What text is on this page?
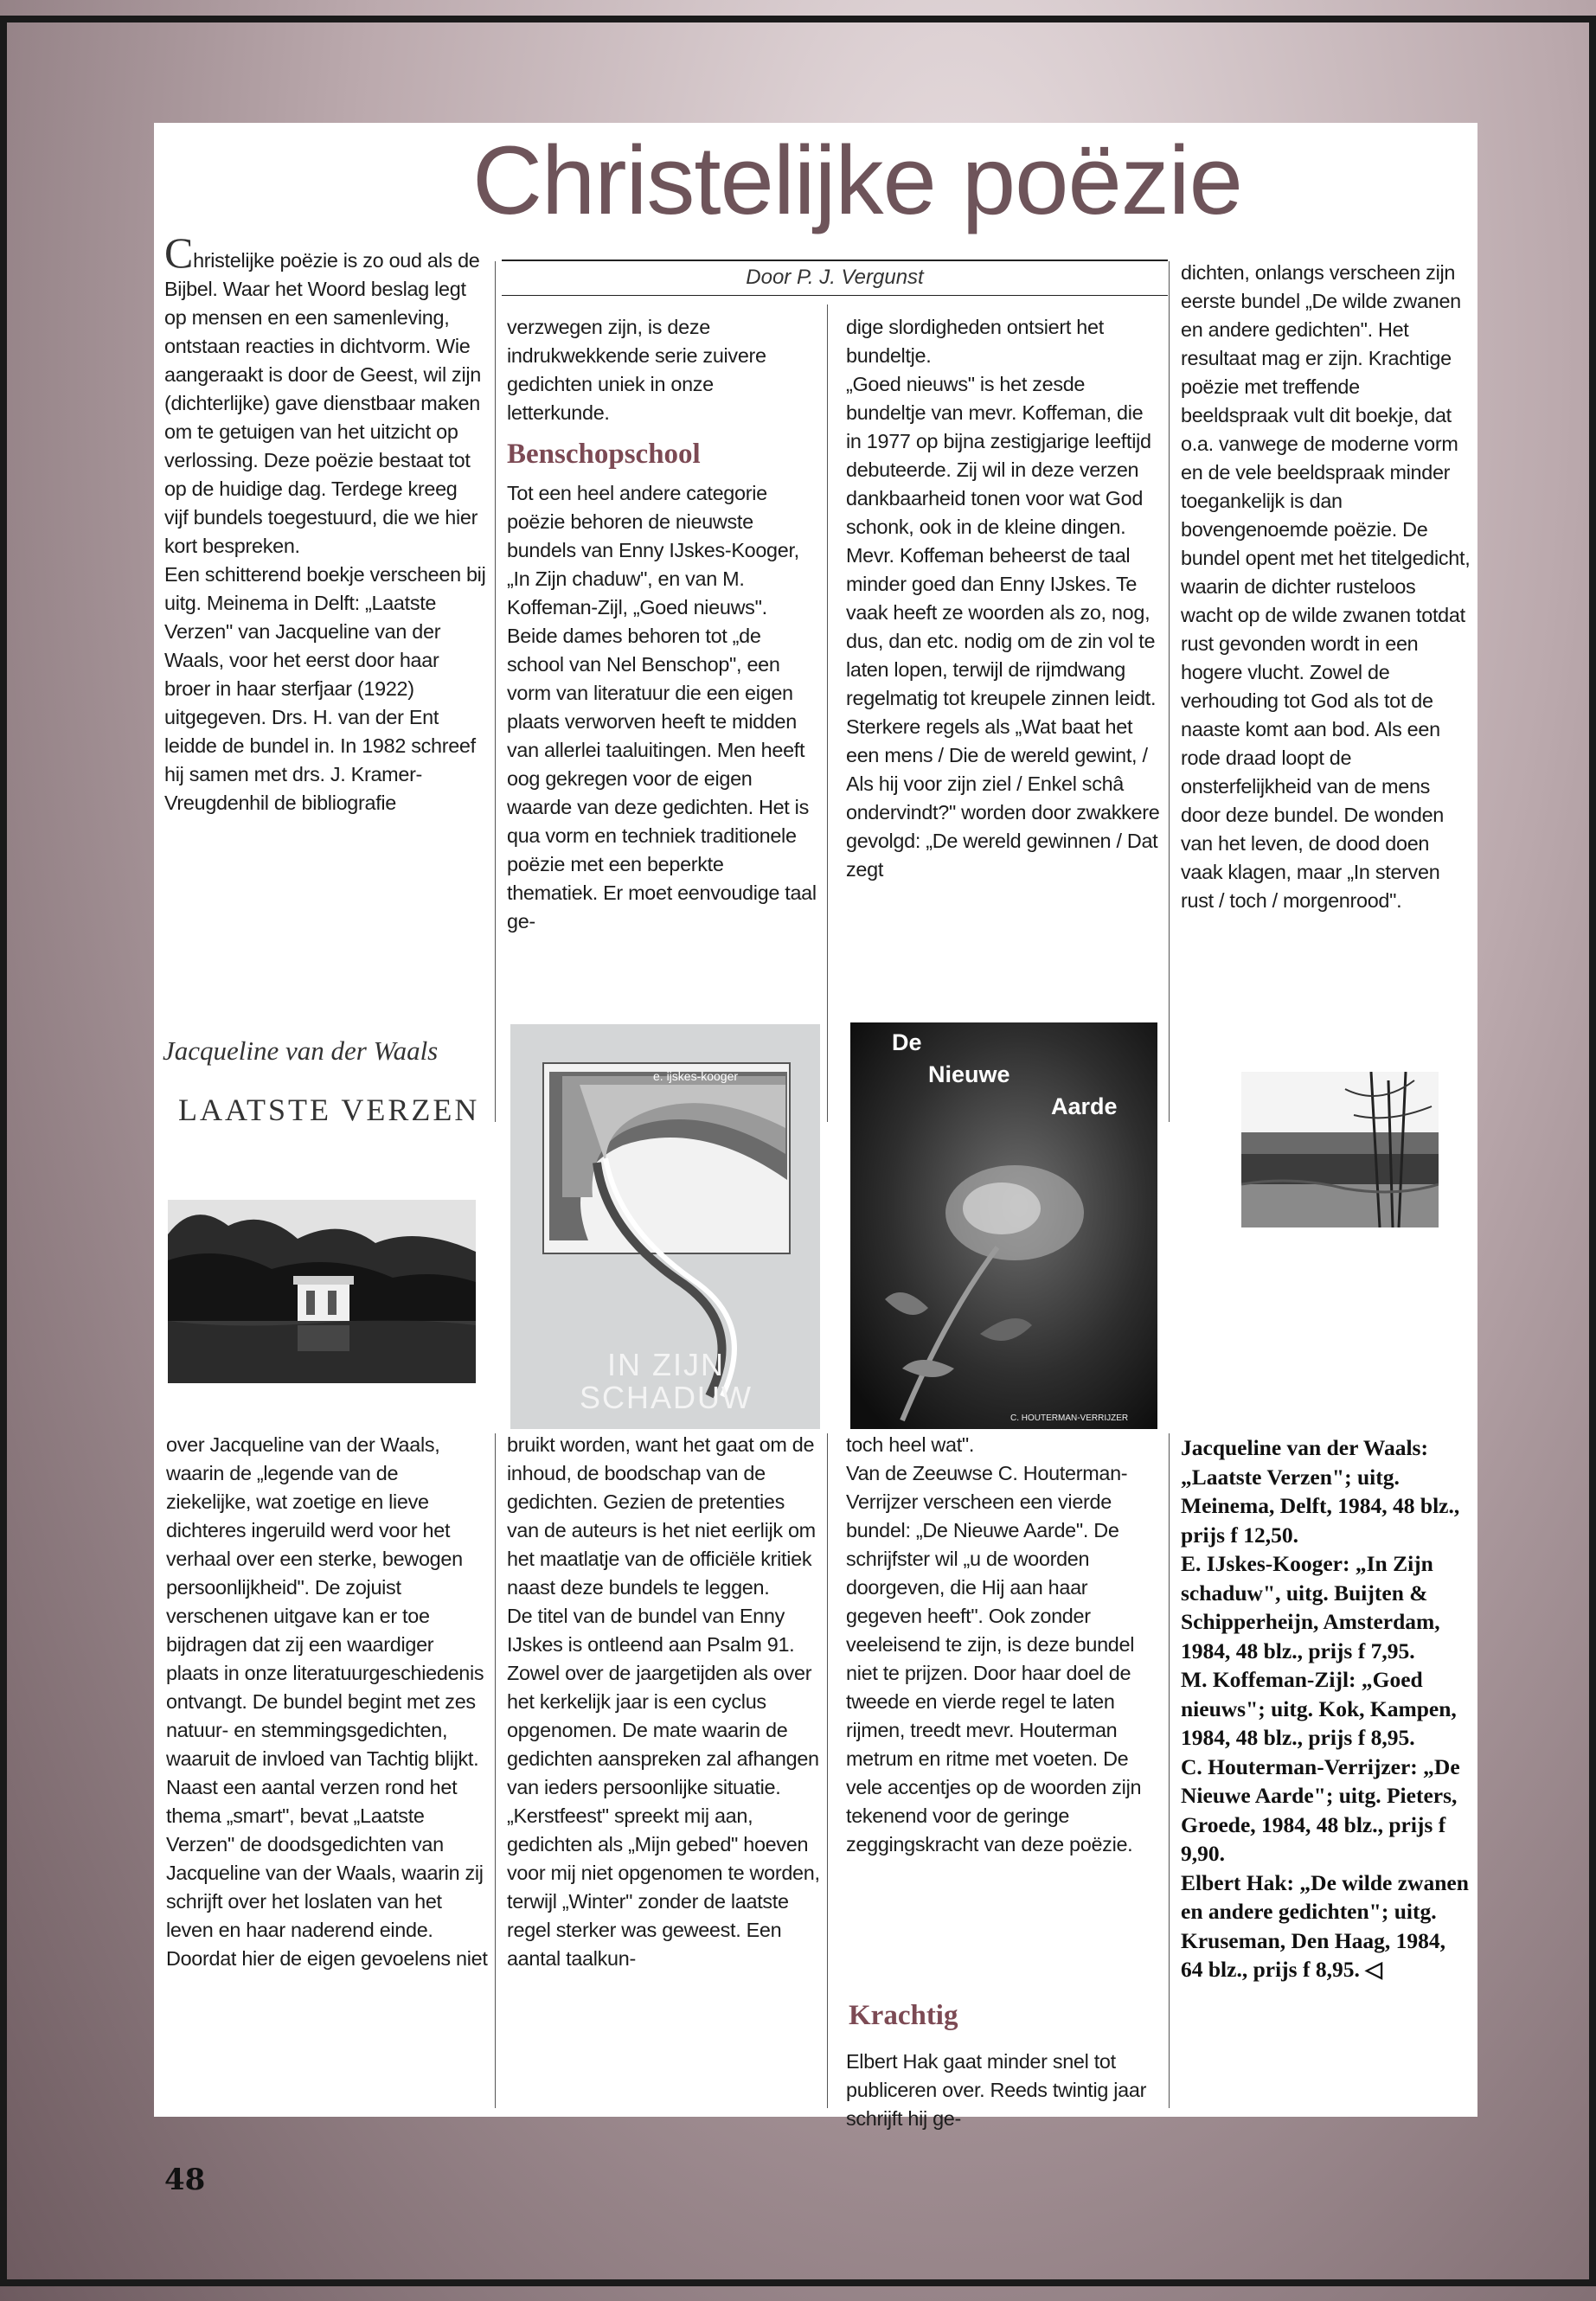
Christelijke poëzie
Door P. J. Vergunst
Christelijke poëzie is zo oud als de Bijbel. Waar het Woord beslag legt op mensen en een samenleving, ontstaan reacties in dichtvorm. Wie aangeraakt is door de Geest, wil zijn (dichterlijke) gave dienstbaar maken om te getuigen van het uitzicht op verlossing. Deze poëzie bestaat tot op de huidige dag. Terdege kreeg vijf bundels toegestuurd, die we hier kort bespreken.
Een schitterend boekje verscheen bij uitg. Meinema in Delft: „Laatste Verzen" van Jacqueline van der Waals, voor het eerst door haar broer in haar sterfjaar (1922) uitgegeven. Drs. H. van der Ent leidde de bundel in. In 1982 schreef hij samen met drs. J. Kramer-Vreugdenhil de bibliografie
verzwegen zijn, is deze indrukwekkende serie zuivere gedichten uniek in onze letterkunde.
Benschopschool
Tot een heel andere categorie poëzie behoren de nieuwste bundels van Enny IJskes-Kooger, „In Zijn chaduw", en van M. Koffeman-Zijl, „Goed nieuws". Beide dames behoren tot „de school van Nel Benschop", een vorm van literatuur die een eigen plaats verworven heeft te midden van allerlei taaluitingen. Men heeft oog gekregen voor de eigen waarde van deze gedichten. Het is qua vorm en techniek traditionele poëzie met een beperkte thematiek. Er moet eenvoudige taal ge-
dige slordigheden ontsiert het bundeltje.
„Goed nieuws" is het zesde bundeltje van mevr. Koffeman, die in 1977 op bijna zestigjarige leeftijd debuteerde. Zij wil in deze verzen dankbaarheid tonen voor wat God schonk, ook in de kleine dingen. Mevr. Koffeman beheerst de taal minder goed dan Enny IJskes. Te vaak heeft ze woorden als zo, nog, dus, dan etc. nodig om de zin vol te laten lopen, terwijl de rijmdwang regelmatig tot kreupele zinnen leidt. Sterkere regels als „Wat baat het een mens / Die de wereld gewint, / Als hij voor zijn ziel / Enkel schâ ondervindt?" worden door zwakkere gevolgd: „De wereld gewinnen / Dat zegt
dichten, onlangs verscheen zijn eerste bundel „De wilde zwanen en andere gedichten". Het resultaat mag er zijn. Krachtige poëzie met treffende beeldspraak vult dit boekje, dat o.a. vanwege de moderne vorm en de vele beeldspraak minder toegankelijk is dan bovengenoemde poëzie. De bundel opent met het titelgedicht, waarin de dichter rusteloos wacht op de wilde zwanen totdat rust gevonden wordt in een hogere vlucht. Zowel de verhouding tot God als tot de naaste komt aan bod. Als een rode draad loopt de onsterfelijkheid van de mens door deze bundel. De wonden van het leven, de dood doen vaak klagen, maar „In sterven rust / toch / morgenrood".
Jacqueline van der Waals
LAATSTE VERZEN
e. ijskes-kooger
IN ZIJN SCHADUW
De
Nieuwe
Aarde
C. HOUTERMAN-VERRIJZER
over Jacqueline van der Waals, waarin de „legende van de ziekelijke, wat zoetige en lieve dichteres ingeruild werd voor het verhaal over een sterke, bewogen persoonlijkheid". De zojuist verschenen uitgave kan er toe bijdragen dat zij een waardiger plaats in onze literatuurgeschiedenis ontvangt. De bundel begint met zes natuur- en stemmingsgedichten, waaruit de invloed van Tachtig blijkt. Naast een aantal verzen rond het thema „smart", bevat „Laatste Verzen" de doodsgedichten van Jacqueline van der Waals, waarin zij schrijft over het loslaten van het leven en haar naderend einde. Doordat hier de eigen gevoelens niet
bruikt worden, want het gaat om de inhoud, de boodschap van de gedichten. Gezien de pretenties van de auteurs is het niet eerlijk om het maatlatje van de officiële kritiek naast deze bundels te leggen.
De titel van de bundel van Enny IJskes is ontleend aan Psalm 91. Zowel over de jaargetijden als over het kerkelijk jaar is een cyclus opgenomen. De mate waarin de gedichten aanspreken zal afhangen van ieders persoonlijke situatie.
„Kerstfeest" spreekt mij aan, gedichten als „Mijn gebed" hoeven voor mij niet opgenomen te worden, terwijl „Winter" zonder de laatste regel sterker was geweest. Een aantal taalkun-
toch heel wat".
Van de Zeeuwse C. Houterman-Verrijzer verscheen een vierde bundel: „De Nieuwe Aarde". De schrijfster wil „u de woorden doorgeven, die Hij aan haar gegeven heeft". Ook zonder veeleisend te zijn, is deze bundel niet te prijzen. Door haar doel de tweede en vierde regel te laten rijmen, treedt mevr. Houterman metrum en ritme met voeten. De vele accentjes op de woorden zijn tekenend voor de geringe zeggingskracht van deze poëzie.
Krachtig
Elbert Hak gaat minder snel tot publiceren over. Reeds twintig jaar schrijft hij ge-
Jacqueline van der Waals: „Laatste Verzen"; uitg. Meinema, Delft, 1984, 48 blz., prijs f 12,50.
E. IJskes-Kooger: „In Zijn schaduw", uitg. Buijten & Schipperheijn, Amsterdam, 1984, 48 blz., prijs f 7,95.
M. Koffeman-Zijl: „Goed nieuws"; uitg. Kok, Kampen, 1984, 48 blz., prijs f 8,95.
C. Houterman-Verrijzer: „De Nieuwe Aarde"; uitg. Pieters, Groede, 1984, 48 blz., prijs f 9,90.
Elbert Hak: „De wilde zwanen en andere gedichten"; uitg. Kruseman, Den Haag, 1984, 64 blz., prijs f 8,95. ◁
48
